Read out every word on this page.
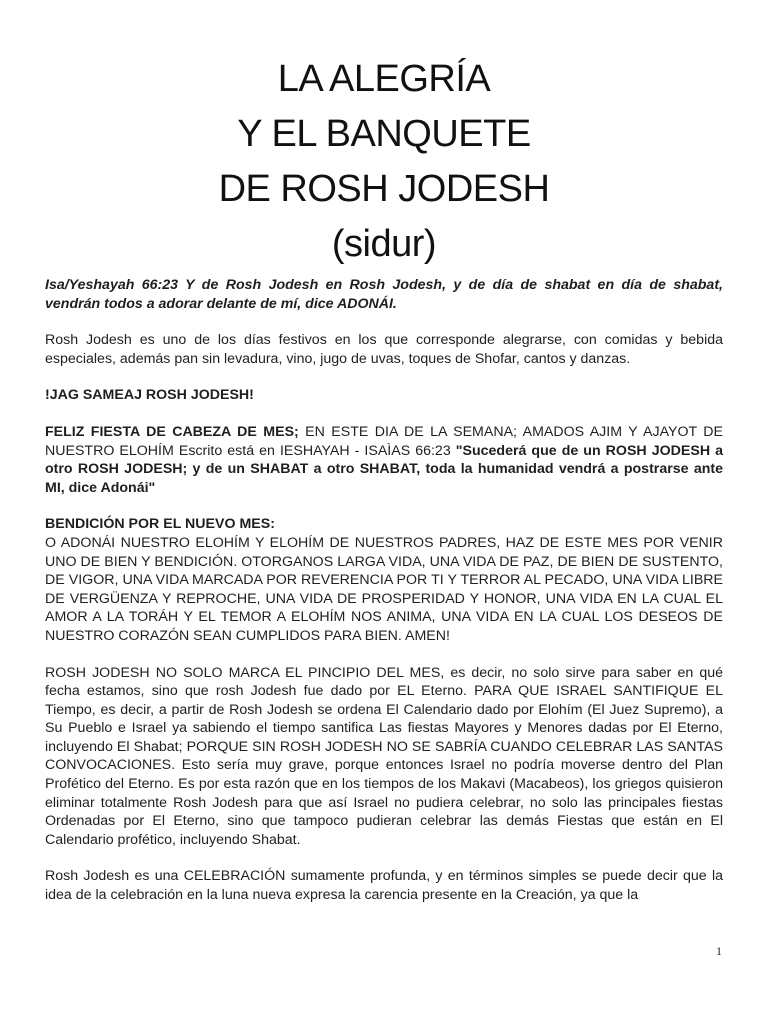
LA ALEGRÍA
Y EL BANQUETE
DE ROSH JODESH
(sidur)

Isa/Yeshayah 66:23 Y de Rosh Jodesh en Rosh Jodesh, y de día de shabat en día de shabat, vendrán todos a adorar delante de mí, dice ADONÁI.

Rosh Jodesh es uno de los días festivos en los que corresponde alegrarse, con comidas y bebida especiales, además pan sin levadura, vino, jugo de uvas, toques de Shofar, cantos y danzas.

!JAG SAMEAJ ROSH JODESH!

FELIZ FIESTA DE CABEZA DE MES; EN ESTE DIA DE LA SEMANA; AMADOS AJIM Y AJAYOT DE NUESTRO ELOHÍM Escrito está en IESHAYAH - ISAÌAS 66:23 "Sucederá que de un ROSH JODESH a otro ROSH JODESH; y de un SHABAT a otro SHABAT, toda la humanidad vendrá a postrarse ante MI, dice Adonái"

BENDICIÓN POR EL NUEVO MES:
O ADONÁI NUESTRO ELOHÍM Y ELOHÍM DE NUESTROS PADRES, HAZ DE ESTE MES POR VENIR UNO DE BIEN Y BENDICIÓN. OTORGANOS LARGA VIDA, UNA VIDA DE PAZ, DE BIEN DE SUSTENTO, DE VIGOR, UNA VIDA MARCADA POR REVERENCIA POR TI Y TERROR AL PECADO, UNA VIDA LIBRE DE VERGÜENZA Y REPROCHE, UNA VIDA DE PROSPERIDAD Y HONOR, UNA VIDA EN LA CUAL EL AMOR A LA TORÁH Y EL TEMOR A ELOHÍM NOS ANIMA, UNA VIDA EN LA CUAL LOS DESEOS DE NUESTRO CORAZÓN SEAN CUMPLIDOS PARA BIEN. AMEN!

ROSH JODESH NO SOLO MARCA EL PINCIPIO DEL MES, es decir, no solo sirve para saber en qué fecha estamos, sino que rosh Jodesh fue dado por EL Eterno. PARA QUE ISRAEL SANTIFIQUE EL Tiempo, es decir, a partir de Rosh Jodesh se ordena El Calendario dado por Elohím (El Juez Supremo), a Su Pueblo e Israel ya sabiendo el tiempo santifica Las fiestas Mayores y Menores dadas por El Eterno, incluyendo El Shabat; PORQUE SIN ROSH JODESH NO SE SABRÍA CUANDO CELEBRAR LAS SANTAS CONVOCACIONES. Esto sería muy grave, porque entonces Israel no podría moverse dentro del Plan Profético del Eterno. Es por esta razón que en los tiempos de los Makavi (Macabeos), los griegos quisieron eliminar totalmente Rosh Jodesh para que así Israel no pudiera celebrar, no solo las principales fiestas Ordenadas por El Eterno, sino que tampoco pudieran celebrar las demás Fiestas que están en El Calendario profético, incluyendo Shabat.

Rosh Jodesh es una CELEBRACIÓN sumamente profunda, y en términos simples se puede decir que la idea de la celebración en la luna nueva expresa la carencia presente en la Creación, ya que la

1
